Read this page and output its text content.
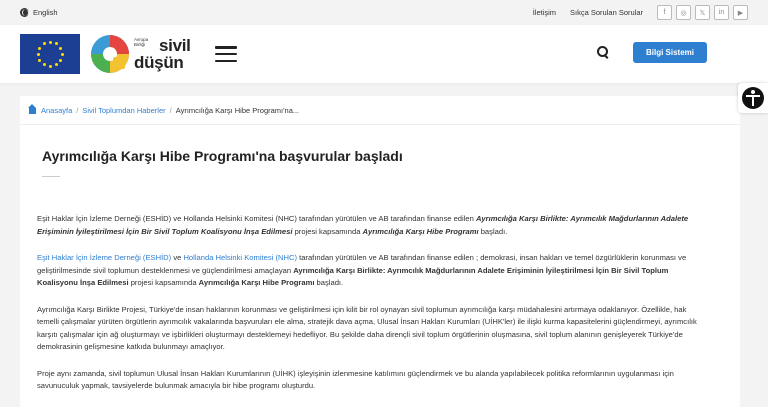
English	İletişim Sıkça Sorulan Sorular	f	◎	𝕏	in	▶
Avrupa Birliği sivil
düşün
Bilgi Sistemi
Anasayfa / Sivil Toplumdan Haberler / Ayrımcılığa Karşı Hibe Programı'na...
Ayrımcılığa Karşı Hibe Programı'na başvurular başladı

Eşit Haklar İçin İzleme Derneği (ESHİD) ve Hollanda Helsinki Komitesi (NHC) tarafından yürütülen ve AB tarafından finanse edilen Ayrımcılığa Karşı Birlikte: Ayrımcılık Mağdurlarının Adalete Erişiminin İyileştirilmesi İçin Bir Sivil Toplum Koalisyonu İnşa Edilmesi projesi kapsamında Ayrımcılığa Karşı Hibe Programı başladı.

Eşit Haklar İçin İzleme Derneği (ESHİD) ve Hollanda Helsinki Komitesi (NHC) tarafından yürütülen ve AB tarafından finanse edilen ; demokrasi, insan hakları ve temel özgürlüklerin korunması ve geliştirilmesinde sivil toplumun desteklenmesi ve güçlendirilmesi amaçlayan Ayrımcılığa Karşı Birlikte: Ayrımcılık Mağdurlarının Adalete Erişiminin İyileştirilmesi İçin Bir Sivil Toplum Koalisyonu İnşa Edilmesi projesi kapsamında Ayrımcılığa Karşı Hibe Programı başladı.

Ayrımcılığa Karşı Birlikte Projesi, Türkiye'de insan haklarının korunması ve geliştirilmesi için kilit bir rol oynayan sivil toplumun ayrımcılığa karşı müdahalesini artırmaya odaklanıyor. Özellikle, hak temelli çalışmalar yürüten örgütlerin ayrımcılık vakalarında başvuruları ele alma, stratejik dava açma, Ulusal İnsan Hakları Kurumları (UİHK'ler) ile ilişki kurma kapasitelerini güçlendirmeyi, ayrımcılık karşıtı çalışmalar için ağ oluşturmayı ve işbirlikleri oluşturmayı desteklemeyi hedefliyor. Bu şekilde daha dirençli sivil toplum örgütlerinin oluşmasına, sivil toplum alanının genişleyerek Türkiye'de demokrasinin gelişmesine katkıda bulunmayı amaçlıyor.

Proje aynı zamanda, sivil toplumun Ulusal İnsan Hakları Kurumlarının (UİHK) işleyişinin izlenmesine katılımını güçlendirmek ve bu alanda yapılabilecek politika reformlarının uygulanması için savunuculuk yapmak, tavsiyelerde bulunmak amacıyla bir hibe programı oluşturdu.
